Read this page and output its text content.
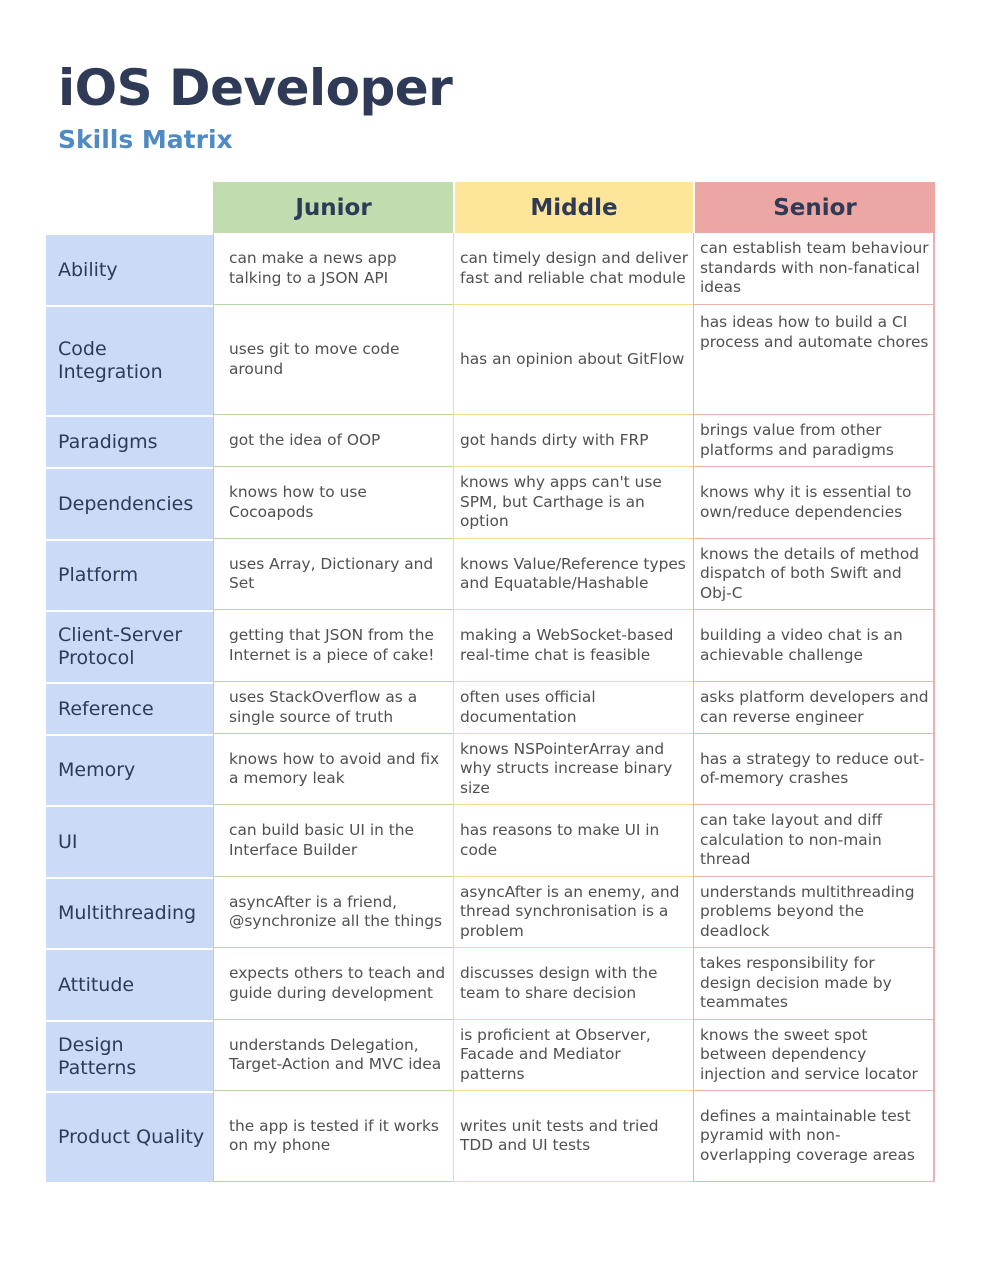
iOS Developer
Skills Matrix
	Junior	Middle	Senior
Ability	can make a news app talking to a JSON API	can timely design and deliver fast and reliable chat module	can establish team behaviour standards with non-fanatical ideas
Code Integration	uses git to move code around	has an opinion about GitFlow	has ideas how to build a CI process and automate chores
Paradigms	got the idea of OOP	got hands dirty with FRP	brings value from other platforms and paradigms
Dependencies	knows how to use Cocoapods	knows why apps can't use SPM, but Carthage is an option	knows why it is essential to own/reduce dependencies
Platform	uses Array, Dictionary and Set	knows Value/Reference types and Equatable/Hashable	knows the details of method dispatch of both Swift and Obj-C
Client-Server Protocol	getting that JSON from the Internet is a piece of cake!	making a WebSocket-based real-time chat is feasible	building a video chat is an achievable challenge
Reference	uses StackOverflow as a single source of truth	often uses official documentation	asks platform developers and can reverse engineer
Memory	knows how to avoid and fix a memory leak	knows NSPointerArray and why structs increase binary size	has a strategy to reduce out-of-memory crashes
UI	can build basic UI in the Interface Builder	has reasons to make UI in code	can take layout and diff calculation to non-main thread
Multithreading	asyncAfter is a friend, @synchronize all the things	asyncAfter is an enemy, and thread synchronisation is a problem	understands multithreading problems beyond the deadlock
Attitude	expects others to teach and guide during development	discusses design with the team to share decision	takes responsibility for design decision made by teammates
Design Patterns	understands Delegation, Target-Action and MVC idea	is proficient at Observer, Facade and Mediator patterns	knows the sweet spot between dependency injection and service locator
Product Quality	the app is tested if it works on my phone	writes unit tests and tried TDD and UI tests	defines a maintainable test pyramid with non-overlapping coverage areas
